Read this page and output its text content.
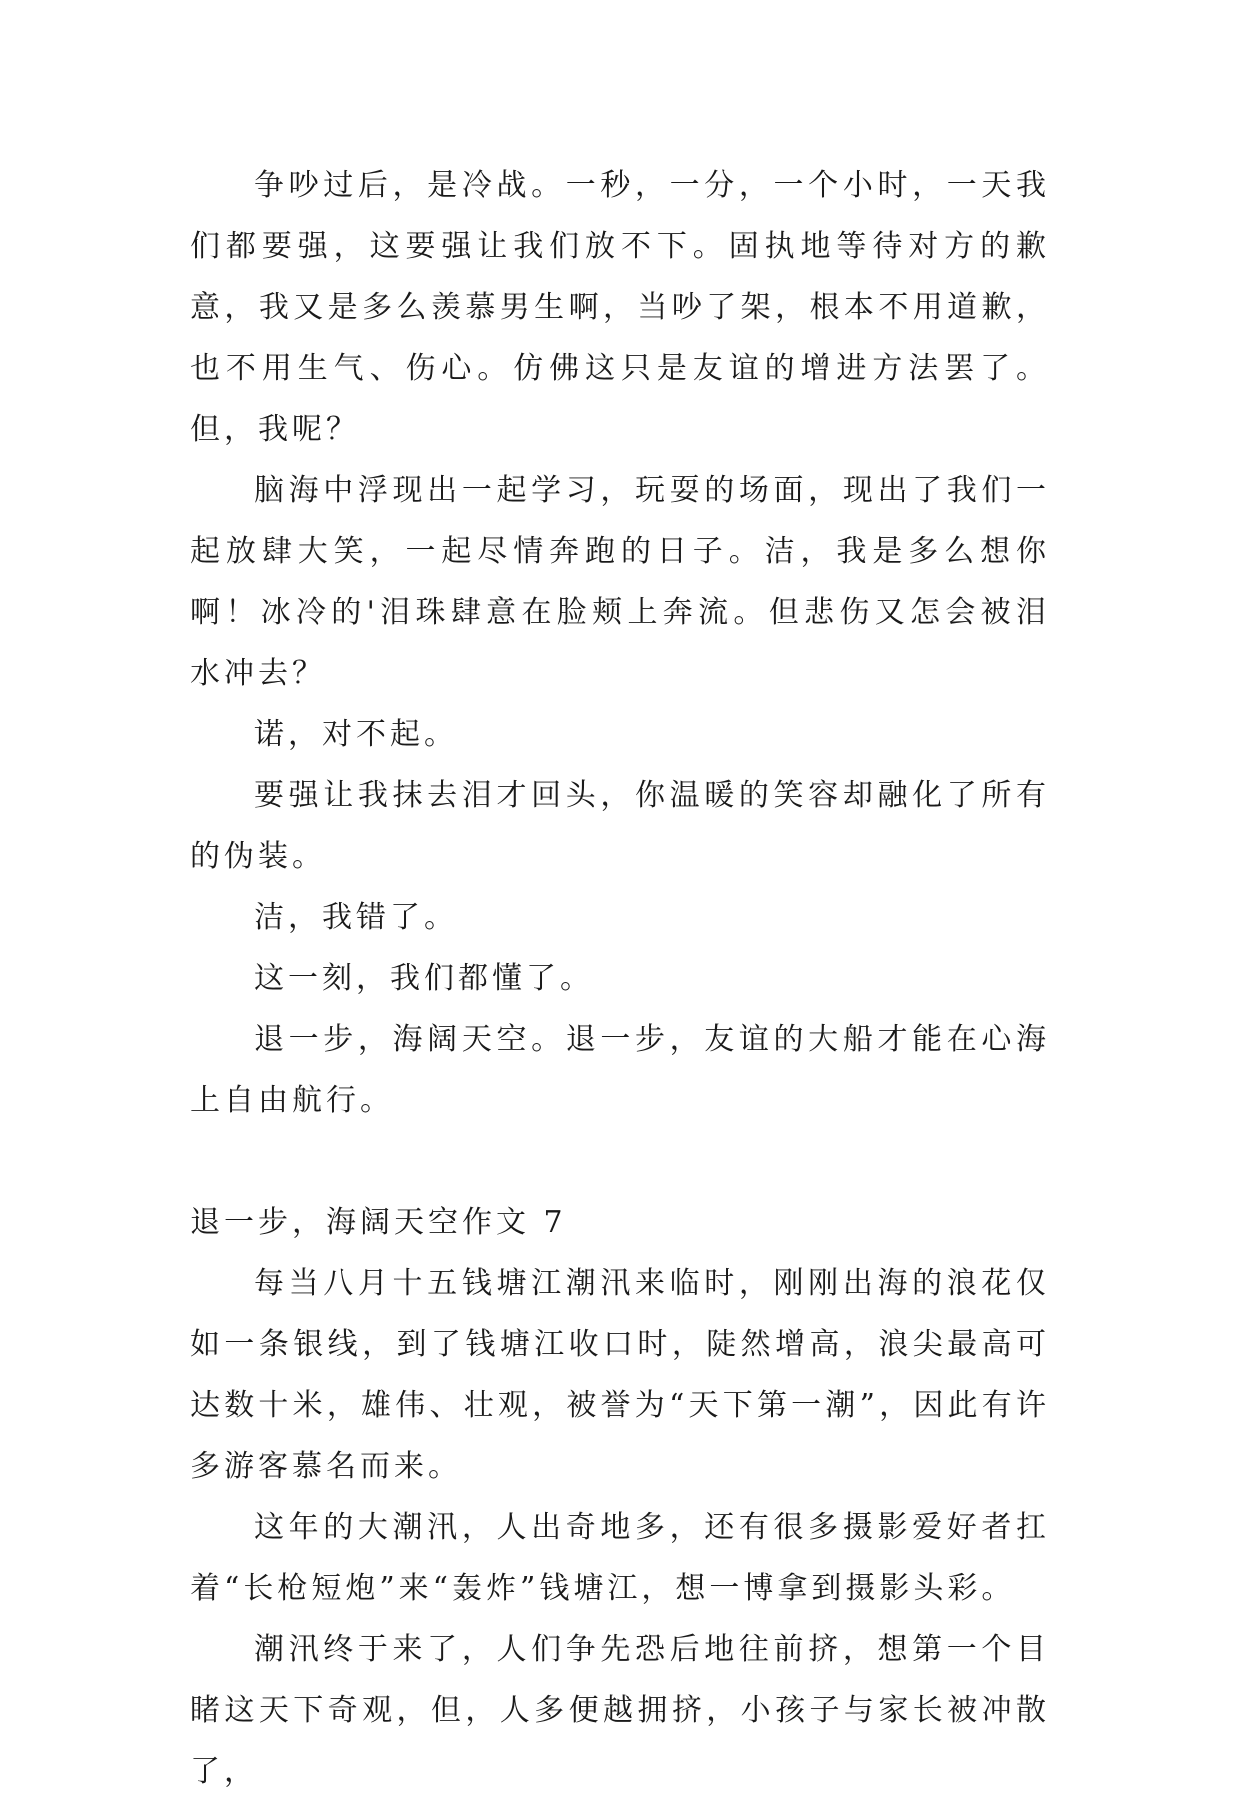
争吵过后，是冷战。一秒，一分，一个小时，一天我们都要强，这要强让我们放不下。固执地等待对方的歉意，我又是多么羡慕男生啊，当吵了架，根本不用道歉，也不用生气、伤心。仿佛这只是友谊的增进方法罢了。但，我呢？

脑海中浮现出一起学习，玩耍的场面，现出了我们一起放肆大笑，一起尽情奔跑的日子。洁，我是多么想你啊！冰冷的'泪珠肆意在脸颊上奔流。但悲伤又怎会被泪水冲去？

诺，对不起。

要强让我抹去泪才回头，你温暖的笑容却融化了所有的伪装。

洁，我错了。

这一刻，我们都懂了。

退一步，海阔天空。退一步，友谊的大船才能在心海上自由航行。

退一步，海阔天空作文 7

每当八月十五钱塘江潮汛来临时，刚刚出海的浪花仅如一条银线，到了钱塘江收口时，陡然增高，浪尖最高可达数十米，雄伟、壮观，被誉为“天下第一潮”，因此有许多游客慕名而来。

这年的大潮汛，人出奇地多，还有很多摄影爱好者扛着“长枪短炮”来“轰炸”钱塘江，想一博拿到摄影头彩。

潮汛终于来了，人们争先恐后地往前挤，想第一个目睹这天下奇观，但，人多便越拥挤，小孩子与家长被冲散了，
